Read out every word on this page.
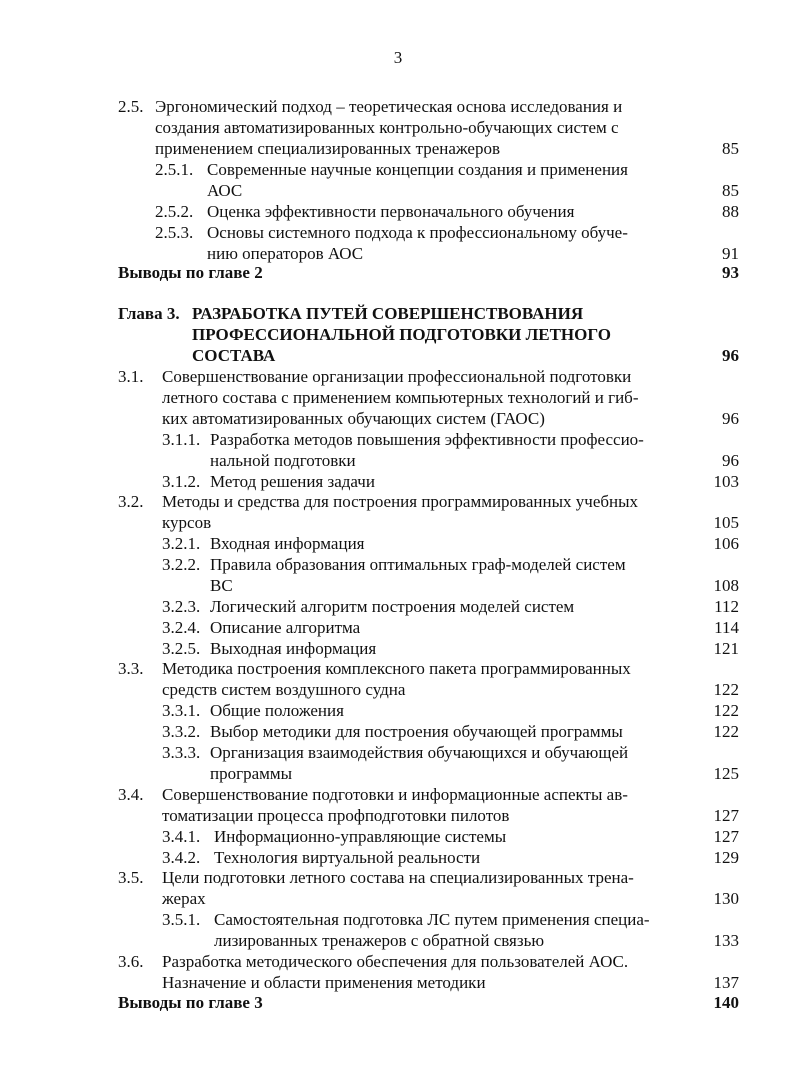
3
2.5. Эргономический подход – теоретическая основа исследования и
создания автоматизированных контрольно-обучающих систем с
применением специализированных тренажеров	85
2.5.1. Современные научные концепции создания и применения
АОС	85
2.5.2. Оценка эффективности первоначального обучения	88
2.5.3. Основы системного подхода к профессиональному обуче-
нию операторов АОС	91
Выводы по главе 2	93
Глава 3. РАЗРАБОТКА ПУТЕЙ СОВЕРШЕНСТВОВАНИЯ
ПРОФЕССИОНАЛЬНОЙ ПОДГОТОВКИ ЛЕТНОГО
СОСТАВА	96
3.1. Совершенствование организации профессиональной подготовки
летного состава с применением компьютерных технологий и гиб-
ких автоматизированных обучающих систем (ГАОС)	96
3.1.1. Разработка методов повышения эффективности профессио-
нальной подготовки	96
3.1.2. Метод решения задачи	103
3.2. Методы и средства для построения программированных учебных
курсов	105
3.2.1. Входная информация	106
3.2.2. Правила образования оптимальных граф-моделей систем
ВС	108
3.2.3. Логический алгоритм построения моделей систем	112
3.2.4. Описание алгоритма	114
3.2.5. Выходная информация	121
3.3. Методика построения комплексного пакета программированных
средств систем воздушного судна	122
3.3.1. Общие положения	122
3.3.2. Выбор методики для построения обучающей программы	122
3.3.3. Организация взаимодействия обучающихся и обучающей
программы	125
3.4. Совершенствование подготовки и информационные аспекты ав-
томатизации процесса профподготовки пилотов	127
3.4.1. Информационно-управляющие системы	127
3.4.2. Технология виртуальной реальности	129
3.5. Цели подготовки летного состава на специализированных трена-
жерах	130
3.5.1. Самостоятельная подготовка ЛС путем применения специа-
лизированных тренажеров с обратной связью	133
3.6. Разработка методического обеспечения для пользователей АОС.
Назначение и области применения методики	137
Выводы по главе 3	140
